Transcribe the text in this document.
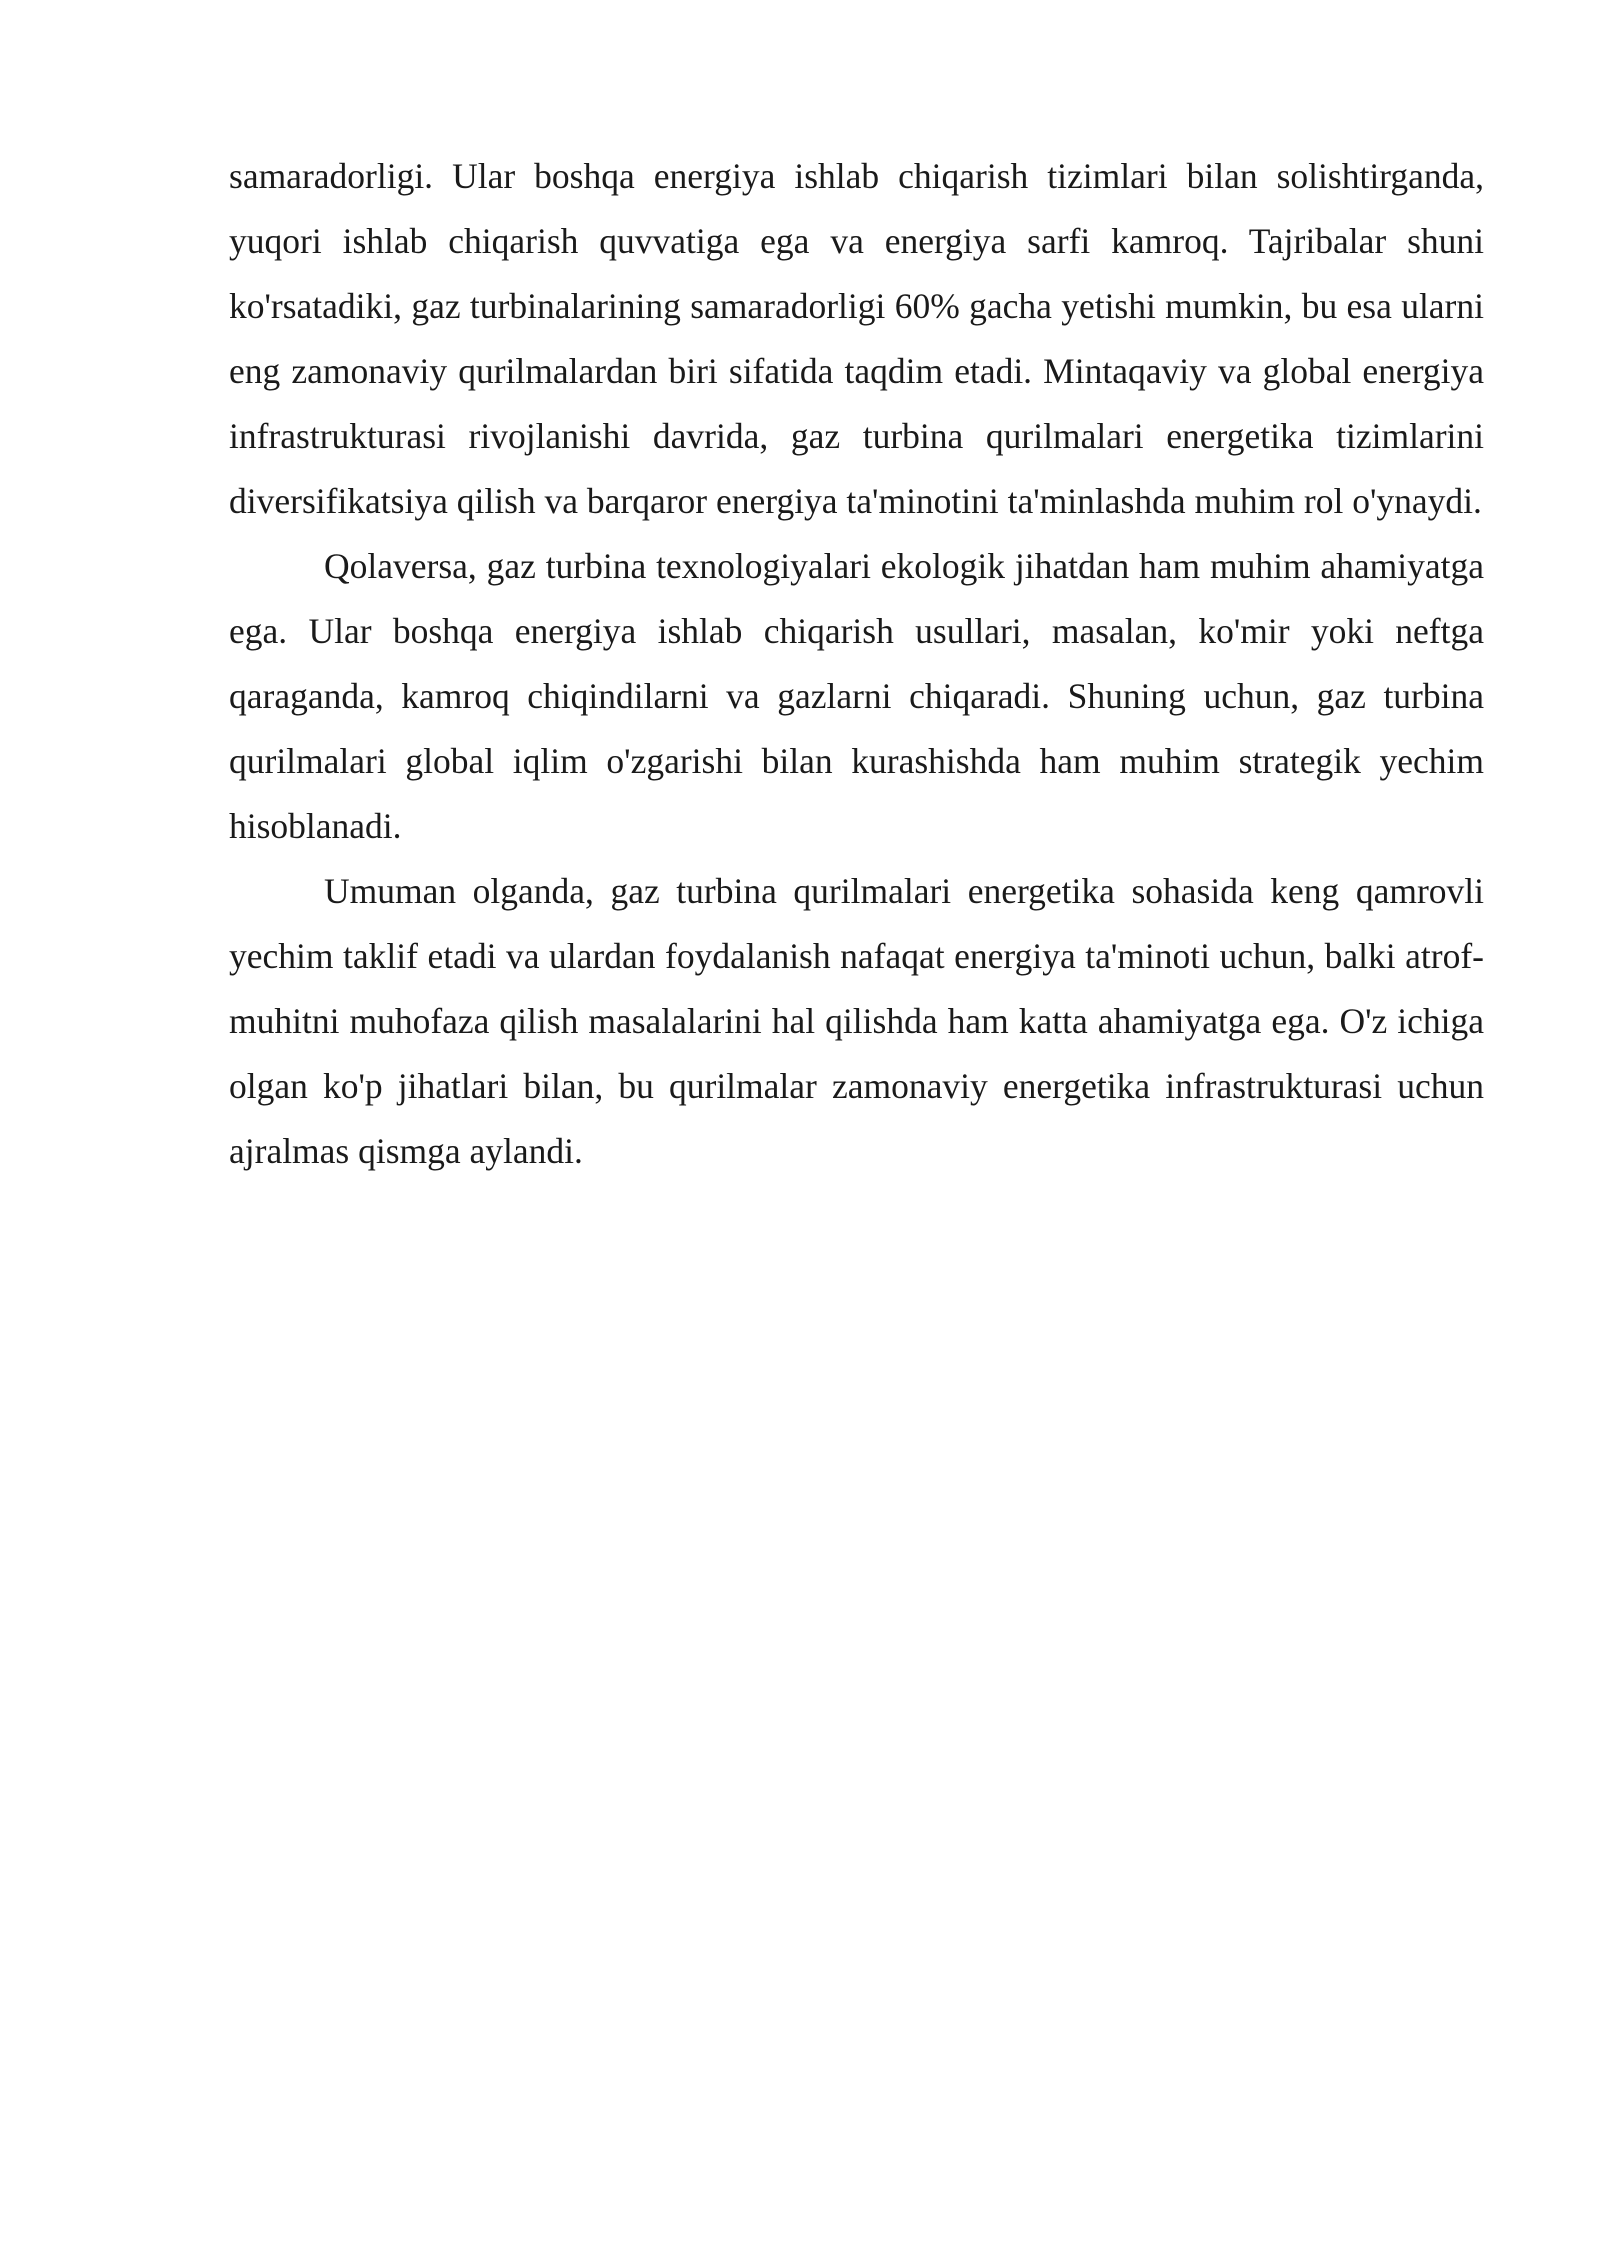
samaradorligi. Ular boshqa energiya ishlab chiqarish tizimlari bilan solishtirganda, yuqori ishlab chiqarish quvvatiga ega va energiya sarfi kamroq. Tajribalar shuni ko'rsatadiki, gaz turbinalarining samaradorligi 60% gacha yetishi mumkin, bu esa ularni eng zamonaviy qurilmalardan biri sifatida taqdim etadi. Mintaqaviy va global energiya infrastrukturasi rivojlanishi davrida, gaz turbina qurilmalari energetika tizimlarini diversifikatsiya qilish va barqaror energiya ta'minotini ta'minlashda muhim rol o'ynaydi.

Qolaversa, gaz turbina texnologiyalari ekologik jihatdan ham muhim ahamiyatga ega. Ular boshqa energiya ishlab chiqarish usullari, masalan, ko'mir yoki neftga qaraganda, kamroq chiqindilarni va gazlarni chiqaradi. Shuning uchun, gaz turbina qurilmalari global iqlim o'zgarishi bilan kurashishda ham muhim strategik yechim hisoblanadi.

Umuman olganda, gaz turbina qurilmalari energetika sohasida keng qamrovli yechim taklif etadi va ulardan foydalanish nafaqat energiya ta'minoti uchun, balki atrof-muhitni muhofaza qilish masalalarini hal qilishda ham katta ahamiyatga ega. O'z ichiga olgan ko'p jihatlari bilan, bu qurilmalar zamonaviy energetika infrastrukturasi uchun ajralmas qismga aylandi.
